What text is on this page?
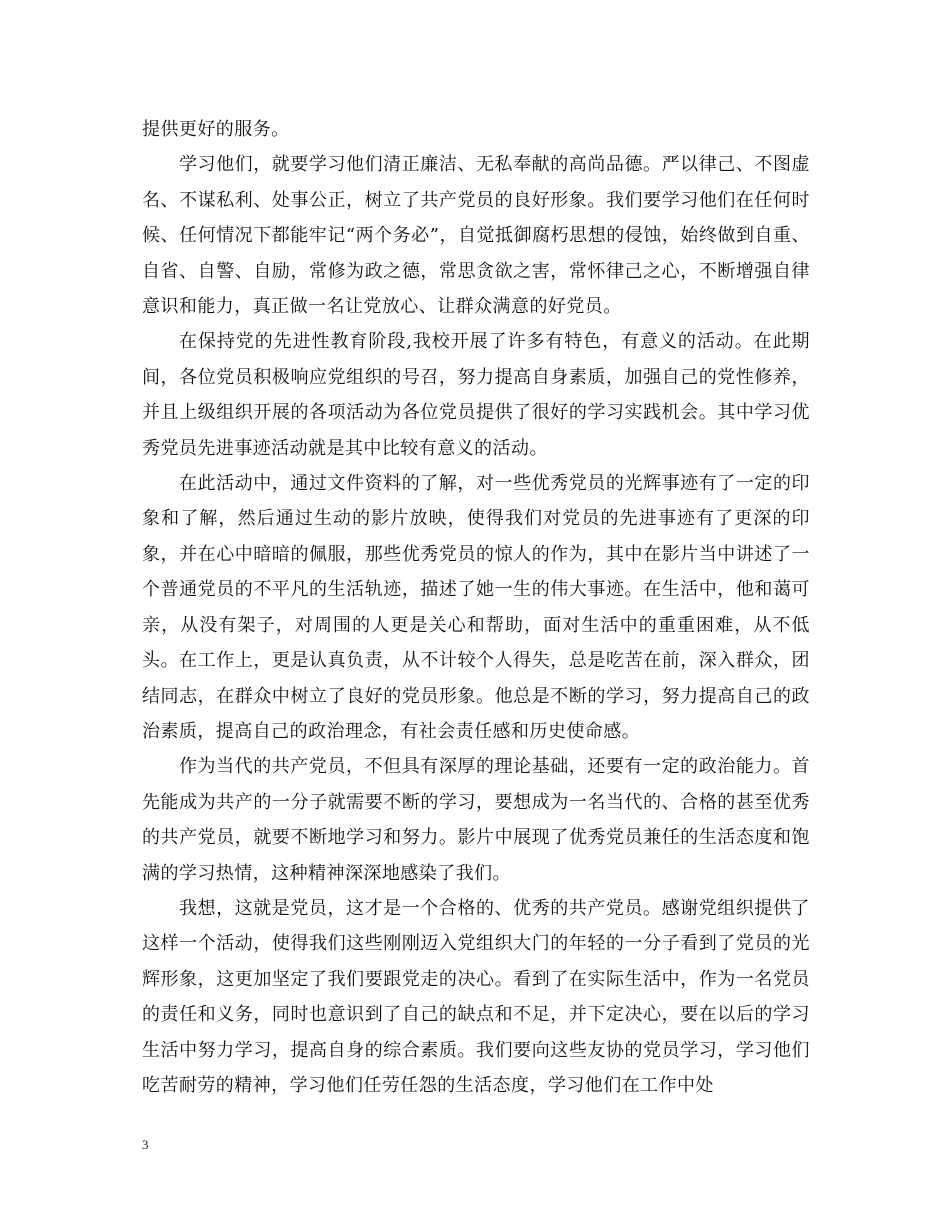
提供更好的服务。

学习他们，就要学习他们清正廉洁、无私奉献的高尚品德。严以律己、不图虚名、不谋私利、处事公正，树立了共产党员的良好形象。我们要学习他们在任何时候、任何情况下都能牢记“两个务必”，自觉抵御腐朽思想的侵蚀，始终做到自重、自省、自警、自励，常修为政之德，常思贪欲之害，常怀律己之心，不断增强自律意识和能力，真正做一名让党放心、让群众满意的好党员。

在保持党的先进性教育阶段,我校开展了许多有特色，有意义的活动。在此期间，各位党员积极响应党组织的号召，努力提高自身素质，加强自己的党性修养，并且上级组织开展的各项活动为各位党员提供了很好的学习实践机会。其中学习优秀党员先进事迹活动就是其中比较有意义的活动。

在此活动中，通过文件资料的了解，对一些优秀党员的光辉事迹有了一定的印象和了解，然后通过生动的影片放映，使得我们对党员的先进事迹有了更深的印象，并在心中暗暗的佩服，那些优秀党员的惊人的作为，其中在影片当中讲述了一个普通党员的不平凡的生活轨迹，描述了她一生的伟大事迹。在生活中，他和蔼可亲，从没有架子，对周围的人更是关心和帮助，面对生活中的重重困难，从不低头。在工作上，更是认真负责，从不计较个人得失，总是吃苦在前，深入群众，团结同志，在群众中树立了良好的党员形象。他总是不断的学习，努力提高自己的政治素质，提高自己的政治理念，有社会责任感和历史使命感。

作为当代的共产党员，不但具有深厚的理论基础，还要有一定的政治能力。首先能成为共产的一分子就需要不断的学习，要想成为一名当代的、合格的甚至优秀的共产党员，就要不断地学习和努力。影片中展现了优秀党员兼任的生活态度和饱满的学习热情，这种精神深深地感染了我们。

我想，这就是党员，这才是一个合格的、优秀的共产党员。感谢党组织提供了这样一个活动，使得我们这些刚刚迈入党组织大门的年轻的一分子看到了党员的光辉形象，这更加坚定了我们要跟党走的决心。看到了在实际生活中，作为一名党员的责任和义务，同时也意识到了自己的缺点和不足，并下定决心，要在以后的学习生活中努力学习，提高自身的综合素质。我们要向这些友协的党员学习，学习他们吃苦耐劳的精神，学习他们任劳任怨的生活态度，学习他们在工作中处

3
